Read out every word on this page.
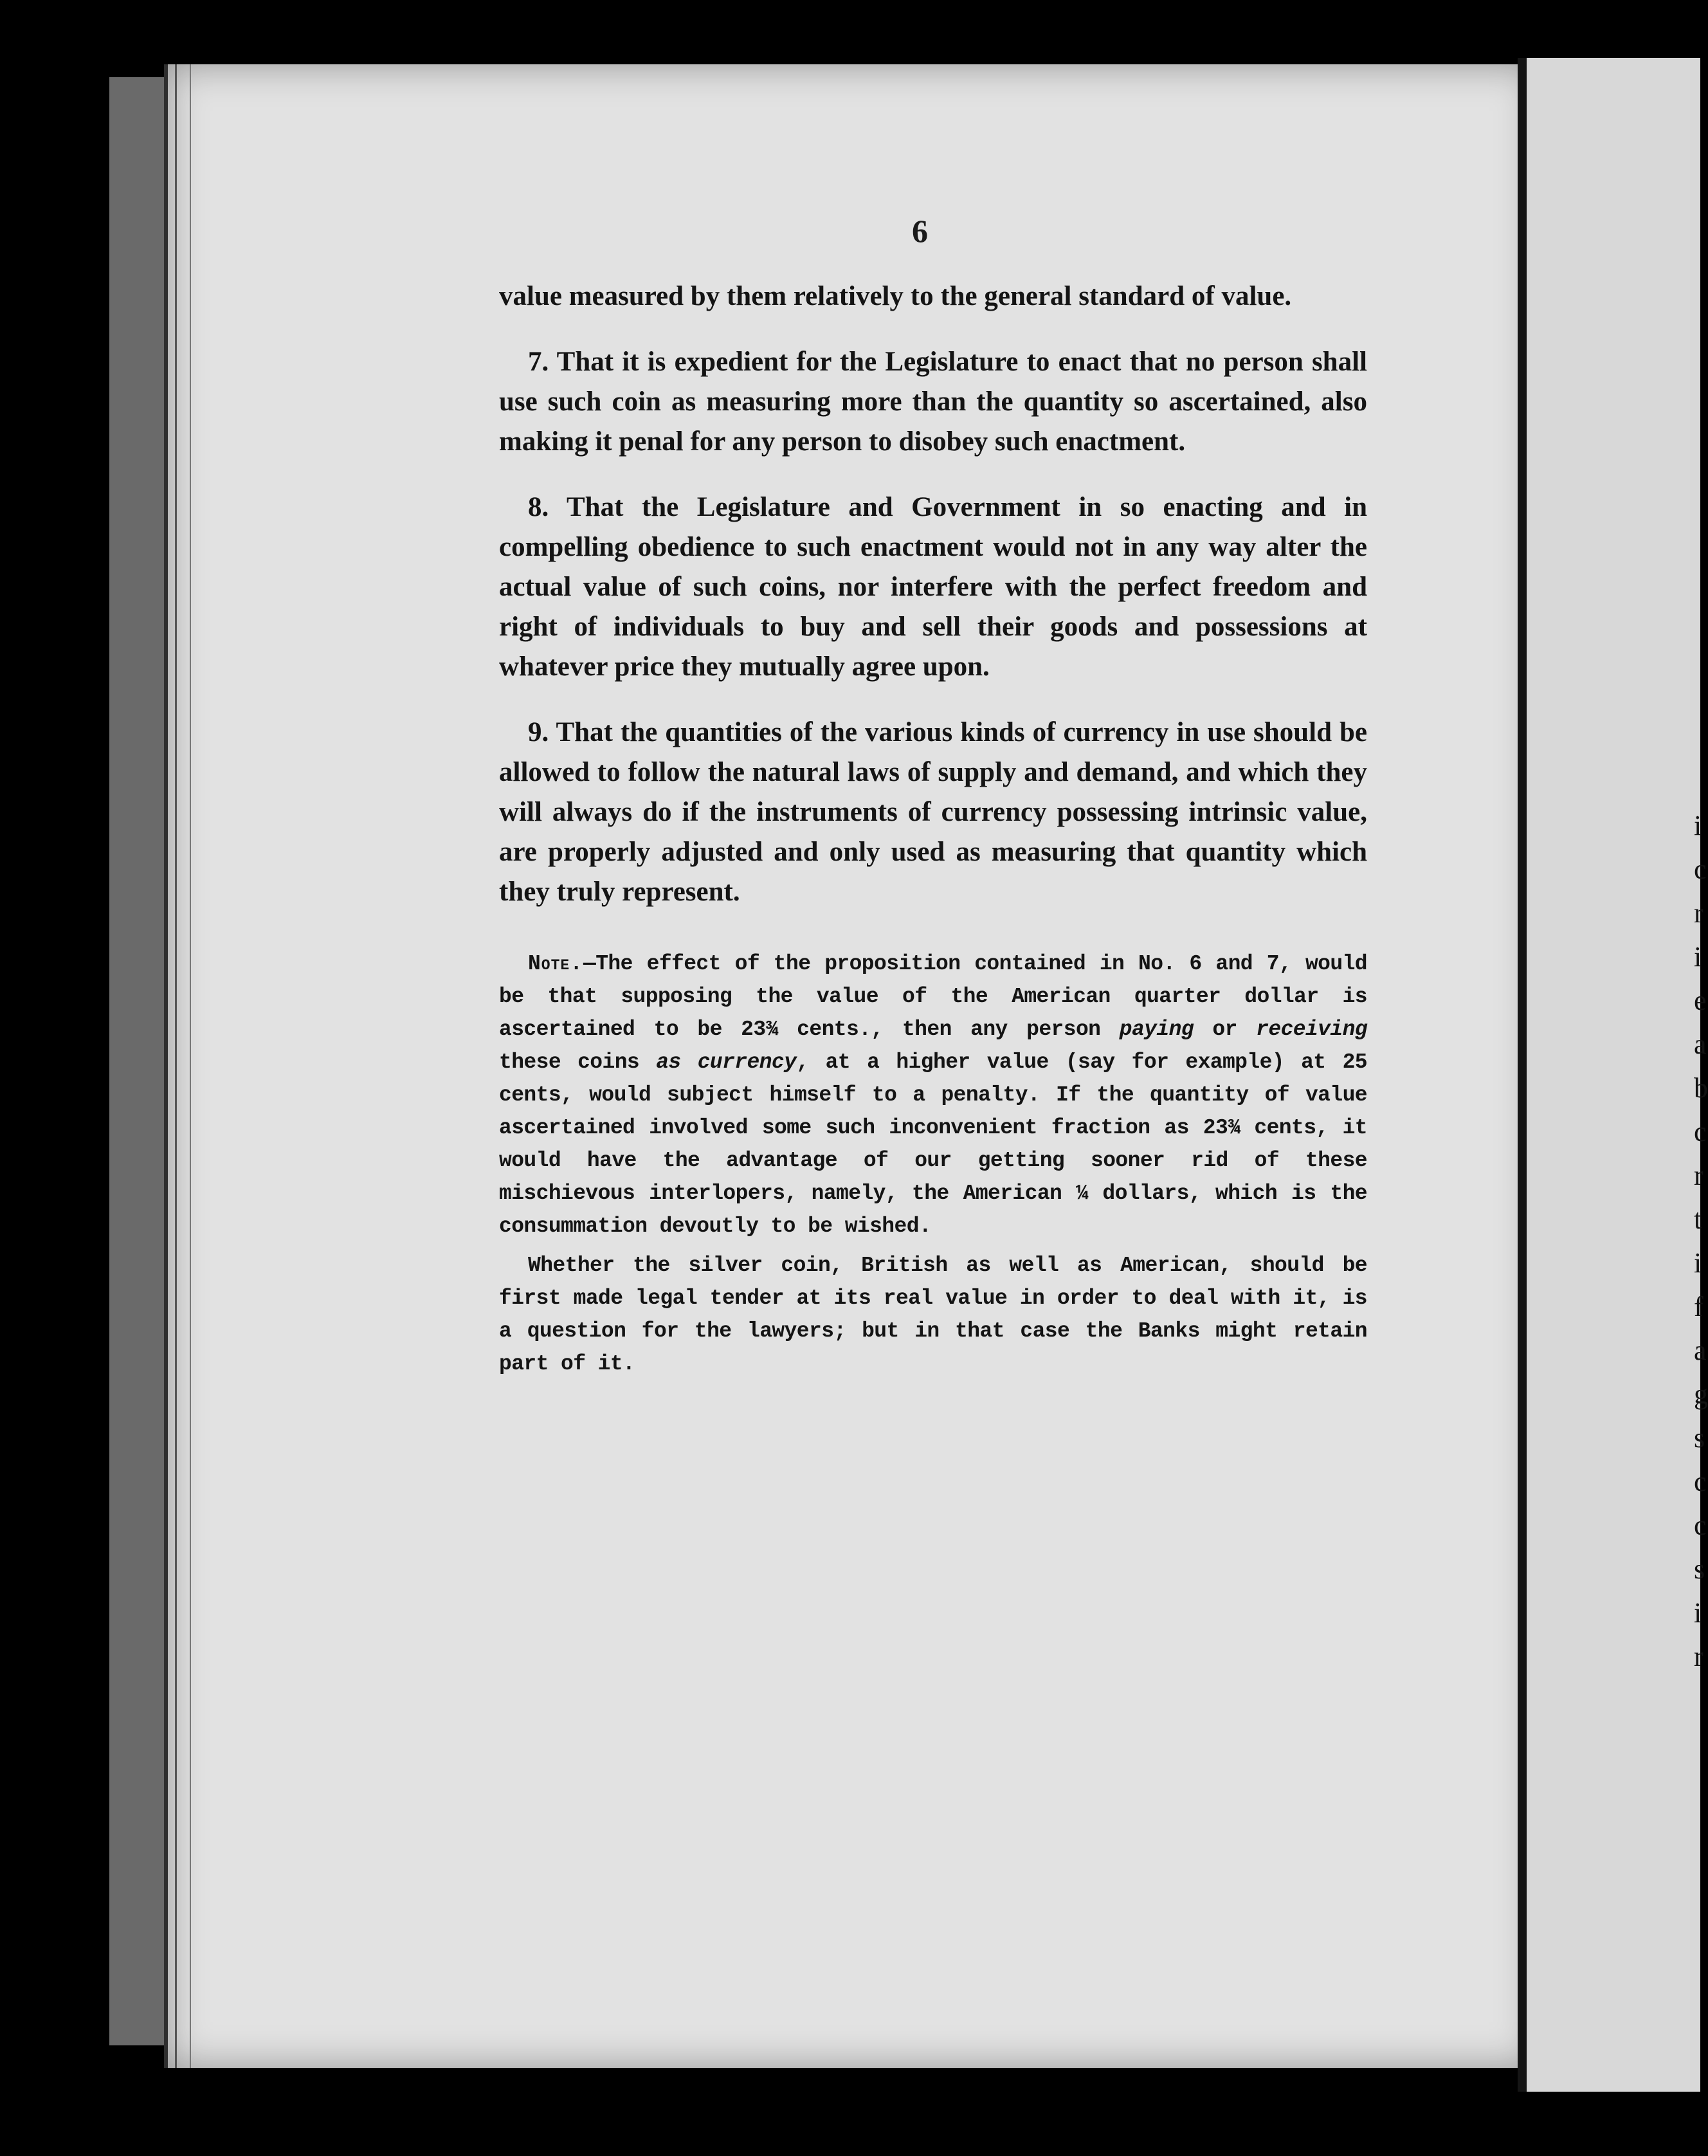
i
c
r
i
e
a
b
c
r
t
i
f
a
g
s
c
c
s
i
r
6

value measured by them relatively to the general standard of value.

7. That it is expedient for the Legislature to enact that no person shall use such coin as measuring more than the quantity so ascertained, also making it penal for any person to disobey such enactment.

8. That the Legislature and Government in so enacting and in compelling obedience to such enactment would not in any way alter the actual value of such coins, nor interfere with the perfect freedom and right of individuals to buy and sell their goods and possessions at whatever price they mutually agree upon.

9. That the quantities of the various kinds of currency in use should be allowed to follow the natural laws of supply and demand, and which they will always do if the instruments of currency possessing intrinsic value, are properly adjusted and only used as measuring that quantity which they truly represent.

Note.—The effect of the proposition contained in No. 6 and 7, would be that supposing the value of the American quarter dollar is ascertained to be 23¾ cents., then any person paying or receiving these coins as currency, at a higher value (say for example) at 25 cents, would subject himself to a penalty. If the quantity of value ascertained involved some such inconvenient fraction as 23¾ cents, it would have the advantage of our getting sooner rid of these mischievous interlopers, namely, the American ¼ dollars, which is the consummation devoutly to be wished.

Whether the silver coin, British as well as American, should be first made legal tender at its real value in order to deal with it, is a question for the lawyers; but in that case the Banks might retain part of it.
